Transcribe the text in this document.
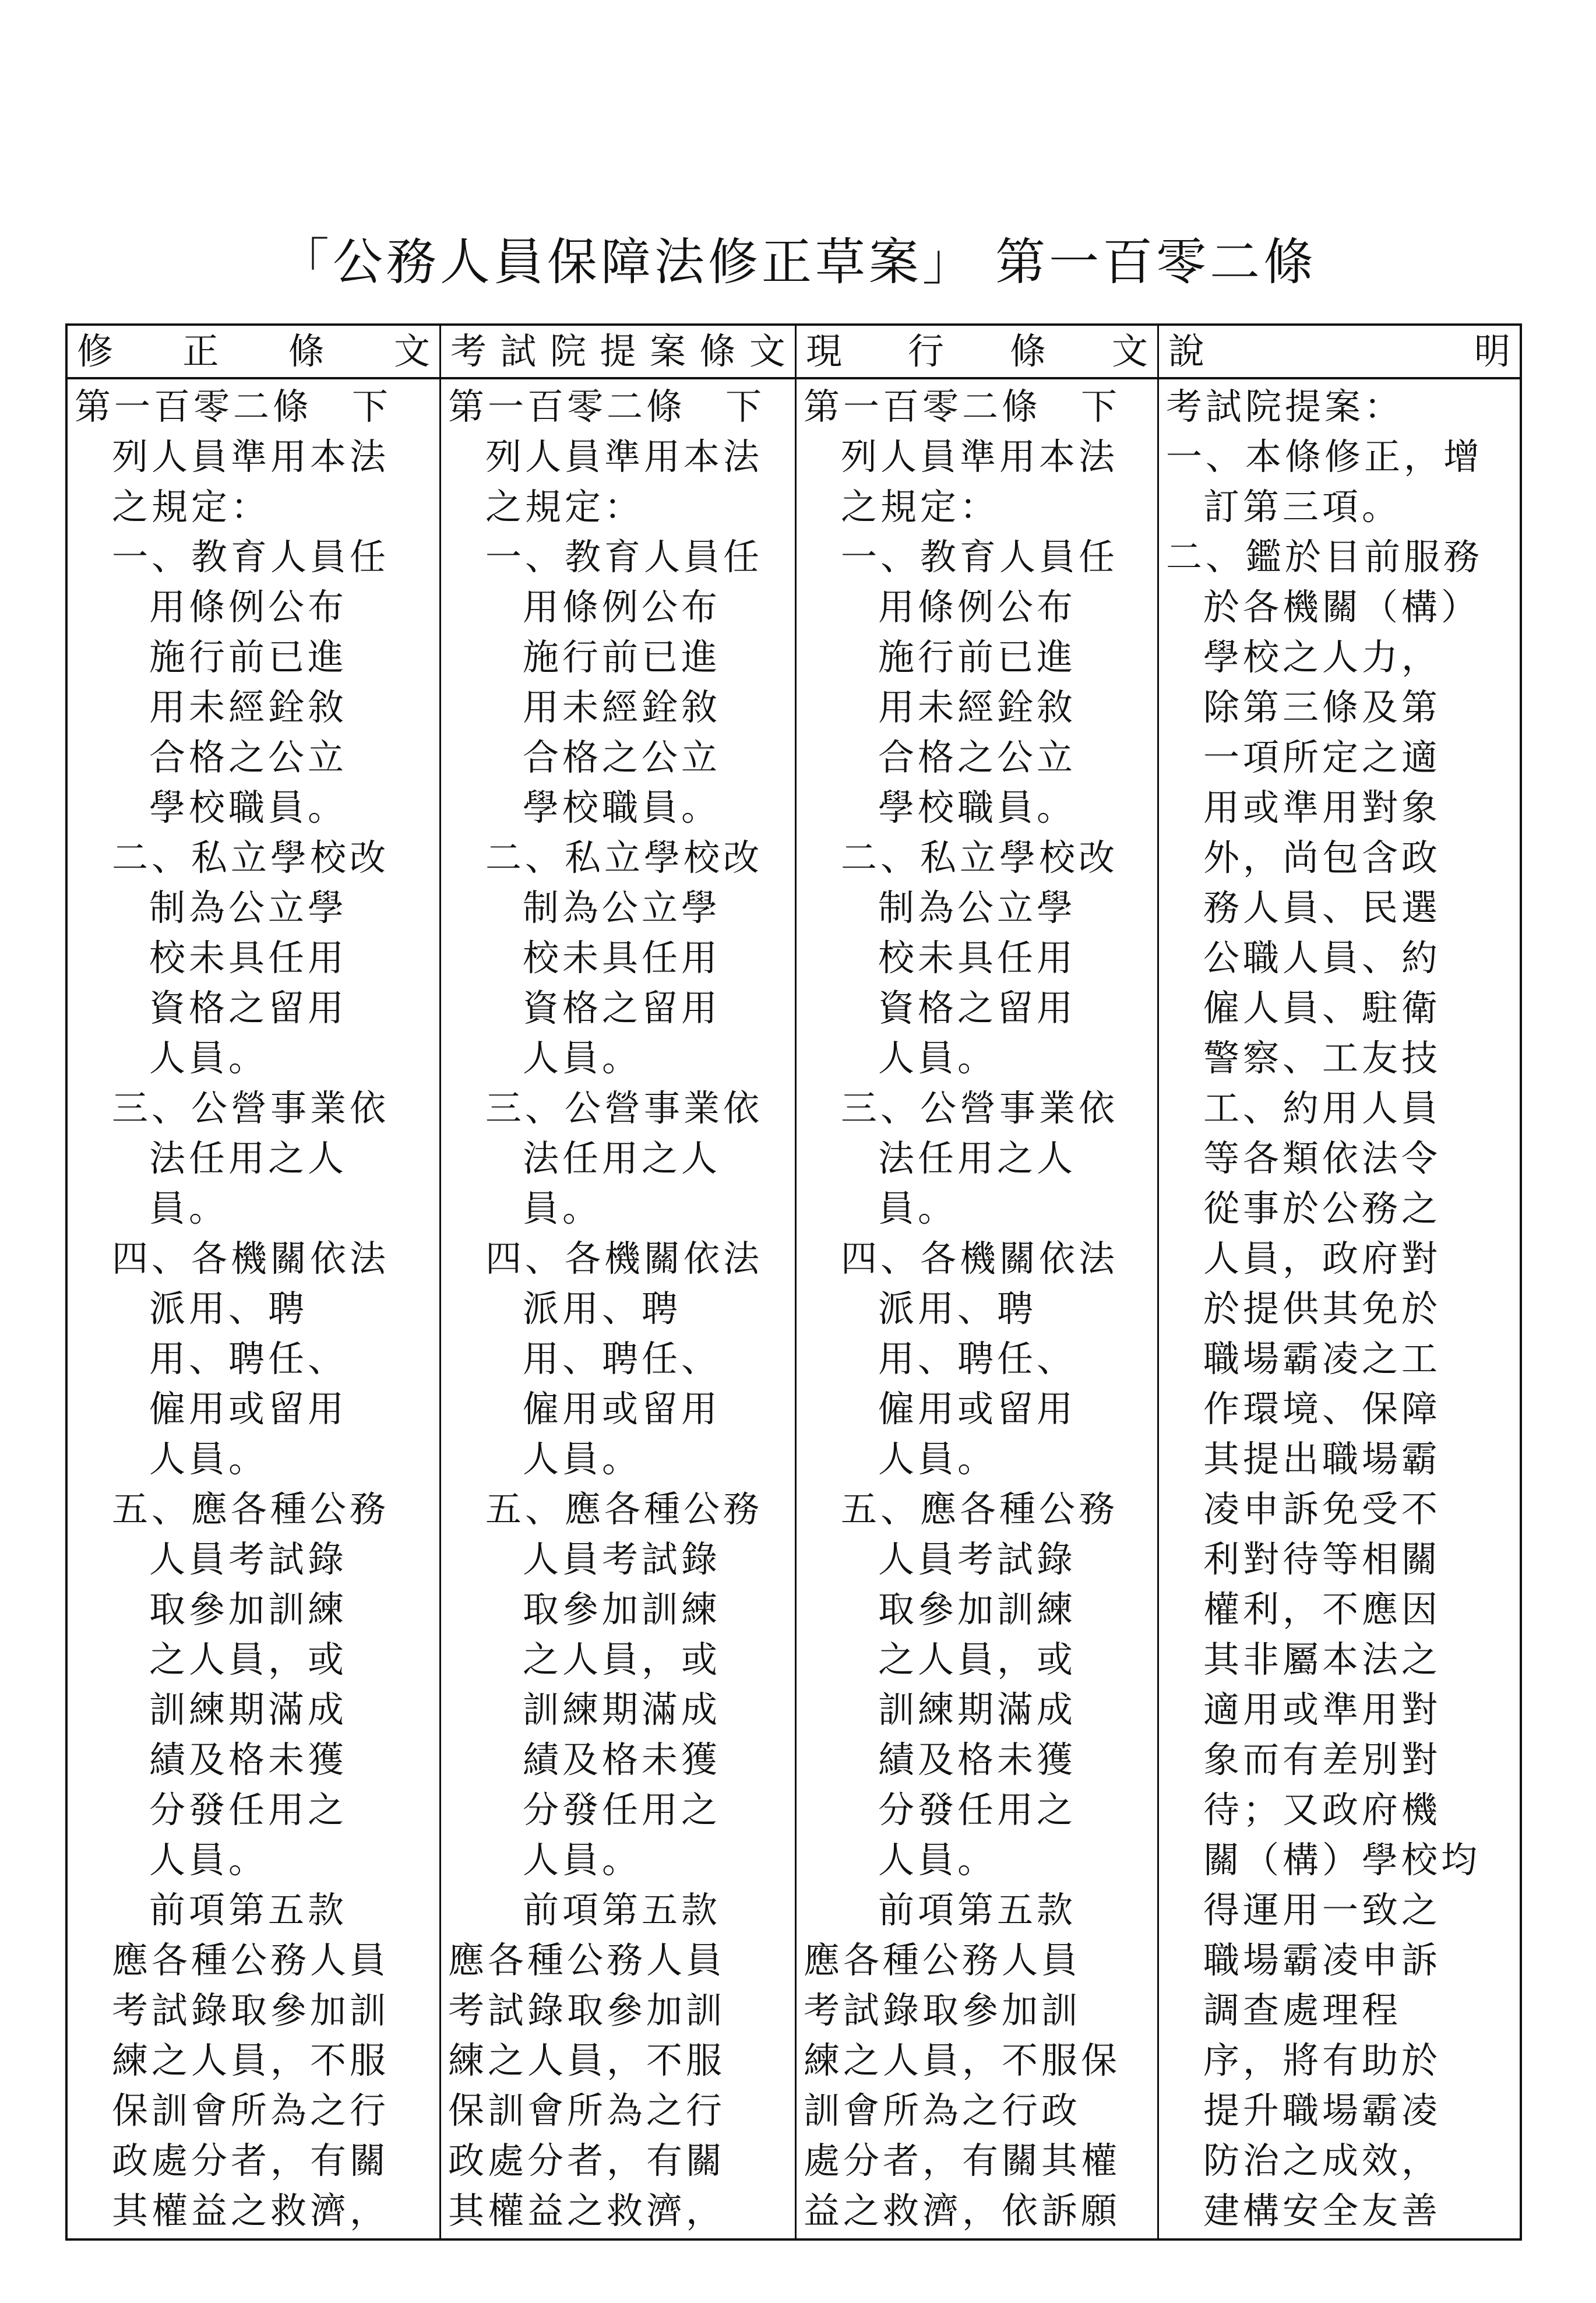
「公務人員保障法修正草案」 第一百零二條
修 正 條 文
第一百零二條　下
列人員準用本法
之規定：
一、教育人員任
用條例公布
施行前已進
用未經銓敘
合格之公立
學校職員。
二、私立學校改
制為公立學
校未具任用
資格之留用
人員。
三、公營事業依
法任用之人
員。
四、各機關依法
派用、聘
用、聘任、
僱用或留用
人員。
五、應各種公務
人員考試錄
取參加訓練
之人員，或
訓練期滿成
績及格未獲
分發任用之
人員。
前項第五款
應各種公務人員
考試錄取參加訓
練之人員，不服
保訓會所為之行
政處分者，有關
其權益之救濟，
考 試 院 提 案 條 文
第一百零二條　下
列人員準用本法
之規定：
一、教育人員任
用條例公布
施行前已進
用未經銓敘
合格之公立
學校職員。
二、私立學校改
制為公立學
校未具任用
資格之留用
人員。
三、公營事業依
法任用之人
員。
四、各機關依法
派用、聘
用、聘任、
僱用或留用
人員。
五、應各種公務
人員考試錄
取參加訓練
之人員，或
訓練期滿成
績及格未獲
分發任用之
人員。
前項第五款
應各種公務人員
考試錄取參加訓
練之人員，不服
保訓會所為之行
政處分者，有關
其權益之救濟，
現 行 條 文
第一百零二條　下
列人員準用本法
之規定：
一、教育人員任
用條例公布
施行前已進
用未經銓敘
合格之公立
學校職員。
二、私立學校改
制為公立學
校未具任用
資格之留用
人員。
三、公營事業依
法任用之人
員。
四、各機關依法
派用、聘
用、聘任、
僱用或留用
人員。
五、應各種公務
人員考試錄
取參加訓練
之人員，或
訓練期滿成
績及格未獲
分發任用之
人員。
前項第五款
應各種公務人員
考試錄取參加訓
練之人員，不服保
訓會所為之行政
處分者，有關其權
益之救濟，依訴願
說	明
考試院提案：
一、本條修正，增
訂第三項。
二、鑑於目前服務
於各機關（構）
學校之人力，
除第三條及第
一項所定之適
用或準用對象
外，尚包含政
務人員、民選
公職人員、約
僱人員、駐衛
警察、工友技
工、約用人員
等各類依法令
從事於公務之
人員，政府對
於提供其免於
職場霸凌之工
作環境、保障
其提出職場霸
凌申訴免受不
利對待等相關
權利，不應因
其非屬本法之
適用或準用對
象而有差別對
待；又政府機
關（構）學校均
得運用一致之
職場霸凌申訴
調查處理程
序，將有助於
提升職場霸凌
防治之成效，
建構安全友善
